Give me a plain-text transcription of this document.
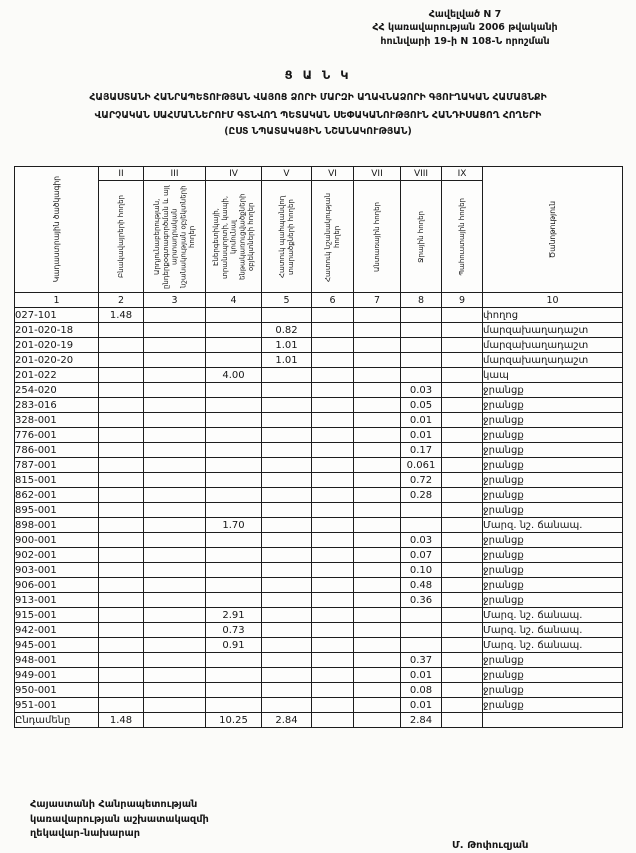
Հավելված N 7
ՀՀ կառավարության 2006 թվականի
հունվարի 19-ի N 108-Ն որոշման
Ց Ա Ն Կ
ՀԱՅԱՍՏԱՆԻ ՀԱՆՐԱՊԵՏՈՒԹՅԱՆ ՎԱՅՈՑ ՁՈՐԻ ՄԱՐԶԻ ԱՂԱՎՆԱՁՈՐԻ ԳՅՈՒՂԱԿԱՆ ՀԱՄԱՅՆՔԻ
ՎԱՐՉԱԿԱՆ ՍԱՀՄԱՆՆԵՐՈՒՄ ԳՏՆՎՈՂ ՊԵՏԱԿԱՆ ՍԵՓԱԿԱՆՈՒԹՅՈՒՆ ՀԱՆԴԻՍԱՑՈՂ ՀՈՂԵՐԻ
(ԸՍՏ ՆՊԱՏԱԿԱՅԻՆ ՆՇԱՆԱԿՈՒԹՅԱՆ)
Կադաստրային ծածկագիր	II	III	IV	V	VI	VII	VIII	IX	Ծանոթություն

	Բնակավայրերի հողեր	Արդյունաբերության, ընդերքօգտագործման և այլ արտադրական նշանակության օբյեկտների հողեր	Էներգետիկայի, տրանսպորտի, կապի, կոմունալ ենթակառուցվածքների օբյեկտների հողեր	Հատուկ պահպանվող տարածքների հողեր	Հատուկ նշանակության հողեր	Անտառային հողեր	Ջրային հողեր	Պահուստային հողեր	

1	2	3	4	5	6	7	8	9	10
027-101	1.48								փողոց
201-020-18				0.82					մարզախաղադաշտ
201-020-19				1.01					մարզախաղադաշտ
201-020-20				1.01					մարզախաղադաշտ
201-022			4.00						կապ
254-020							0.03		ջրանցք
283-016							0.05		ջրանցք
328-001							0.01		ջրանցք
776-001							0.01		ջրանցք
786-001							0.17		ջրանցք
787-001							0.061		ջրանցք
815-001							0.72		ջրանցք
862-001							0.28		ջրանցք
895-001									ջրանցք
898-001			1.70						Մարզ. նշ. ճանապ.
900-001							0.03		ջրանցք
902-001							0.07		ջրանցք
903-001							0.10		ջրանցք
906-001							0.48		ջրանցք
913-001							0.36		ջրանցք
915-001			2.91						Մարզ. նշ. ճանապ.
942-001			0.73						Մարզ. նշ. ճանապ.
945-001			0.91						Մարզ. նշ. ճանապ.
948-001							0.37		ջրանցք
949-001							0.01		ջրանցք
950-001							0.08		ջրանցք
951-001							0.01		ջրանցք
Ընդամենը	1.48		10.25	2.84			2.84		
Հայաստանի Հանրապետության
կառավարության աշխատակազմի
ղեկավար-նախարար
Մ. Թոփուզյան
